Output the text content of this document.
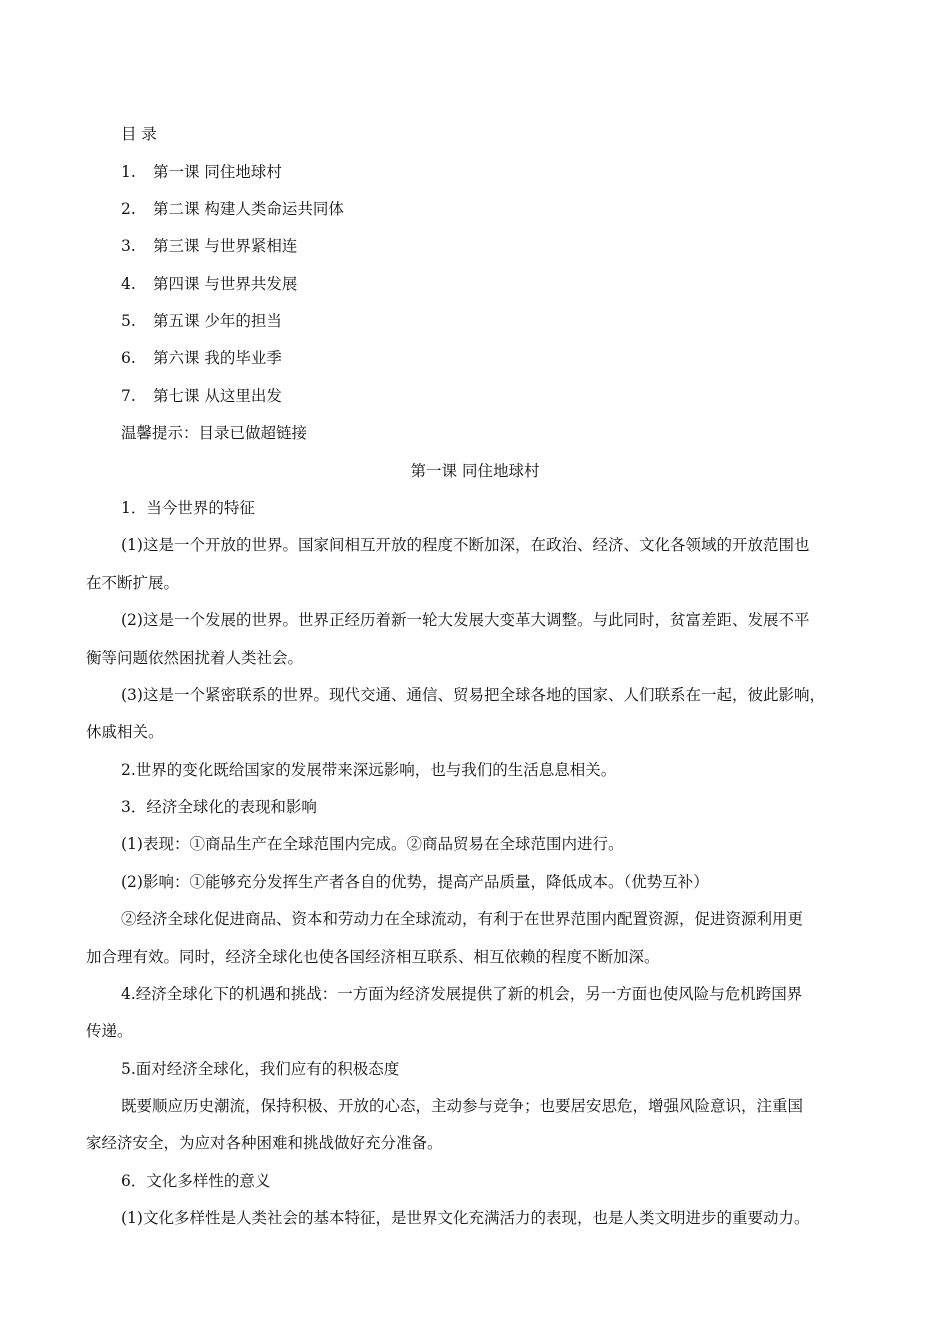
目 录
1. 第一课 同住地球村
2. 第二课 构建人类命运共同体
3. 第三课 与世界紧相连
4. 第四课 与世界共发展
5. 第五课 少年的担当
6. 第六课 我的毕业季
7. 第七课 从这里出发
温馨提示：目录已做超链接
第一课 同住地球村
1．当今世界的特征
(1)这是一个开放的世界。国家间相互开放的程度不断加深，在政治、经济、文化各领域的开放范围也
在不断扩展。
(2)这是一个发展的世界。世界正经历着新一轮大发展大变革大调整。与此同时，贫富差距、发展不平
衡等问题依然困扰着人类社会。
(3)这是一个紧密联系的世界。现代交通、通信、贸易把全球各地的国家、人们联系在一起，彼此影响，
休戚相关。
2.世界的变化既给国家的发展带来深远影响，也与我们的生活息息相关。
3．经济全球化的表现和影响
(1)表现：①商品生产在全球范围内完成。②商品贸易在全球范围内进行。
(2)影响：①能够充分发挥生产者各自的优势，提高产品质量，降低成本。（优势互补）
②经济全球化促进商品、资本和劳动力在全球流动，有利于在世界范围内配置资源，促进资源利用更
加合理有效。同时，经济全球化也使各国经济相互联系、相互依赖的程度不断加深。
4.经济全球化下的机遇和挑战：一方面为经济发展提供了新的机会，另一方面也使风险与危机跨国界
传递。
5.面对经济全球化，我们应有的积极态度
既要顺应历史潮流，保持积极、开放的心态，主动参与竞争；也要居安思危，增强风险意识，注重国
家经济安全，为应对各种困难和挑战做好充分准备。
6．文化多样性的意义
(1)文化多样性是人类社会的基本特征，是世界文化充满活力的表现，也是人类文明进步的重要动力。
